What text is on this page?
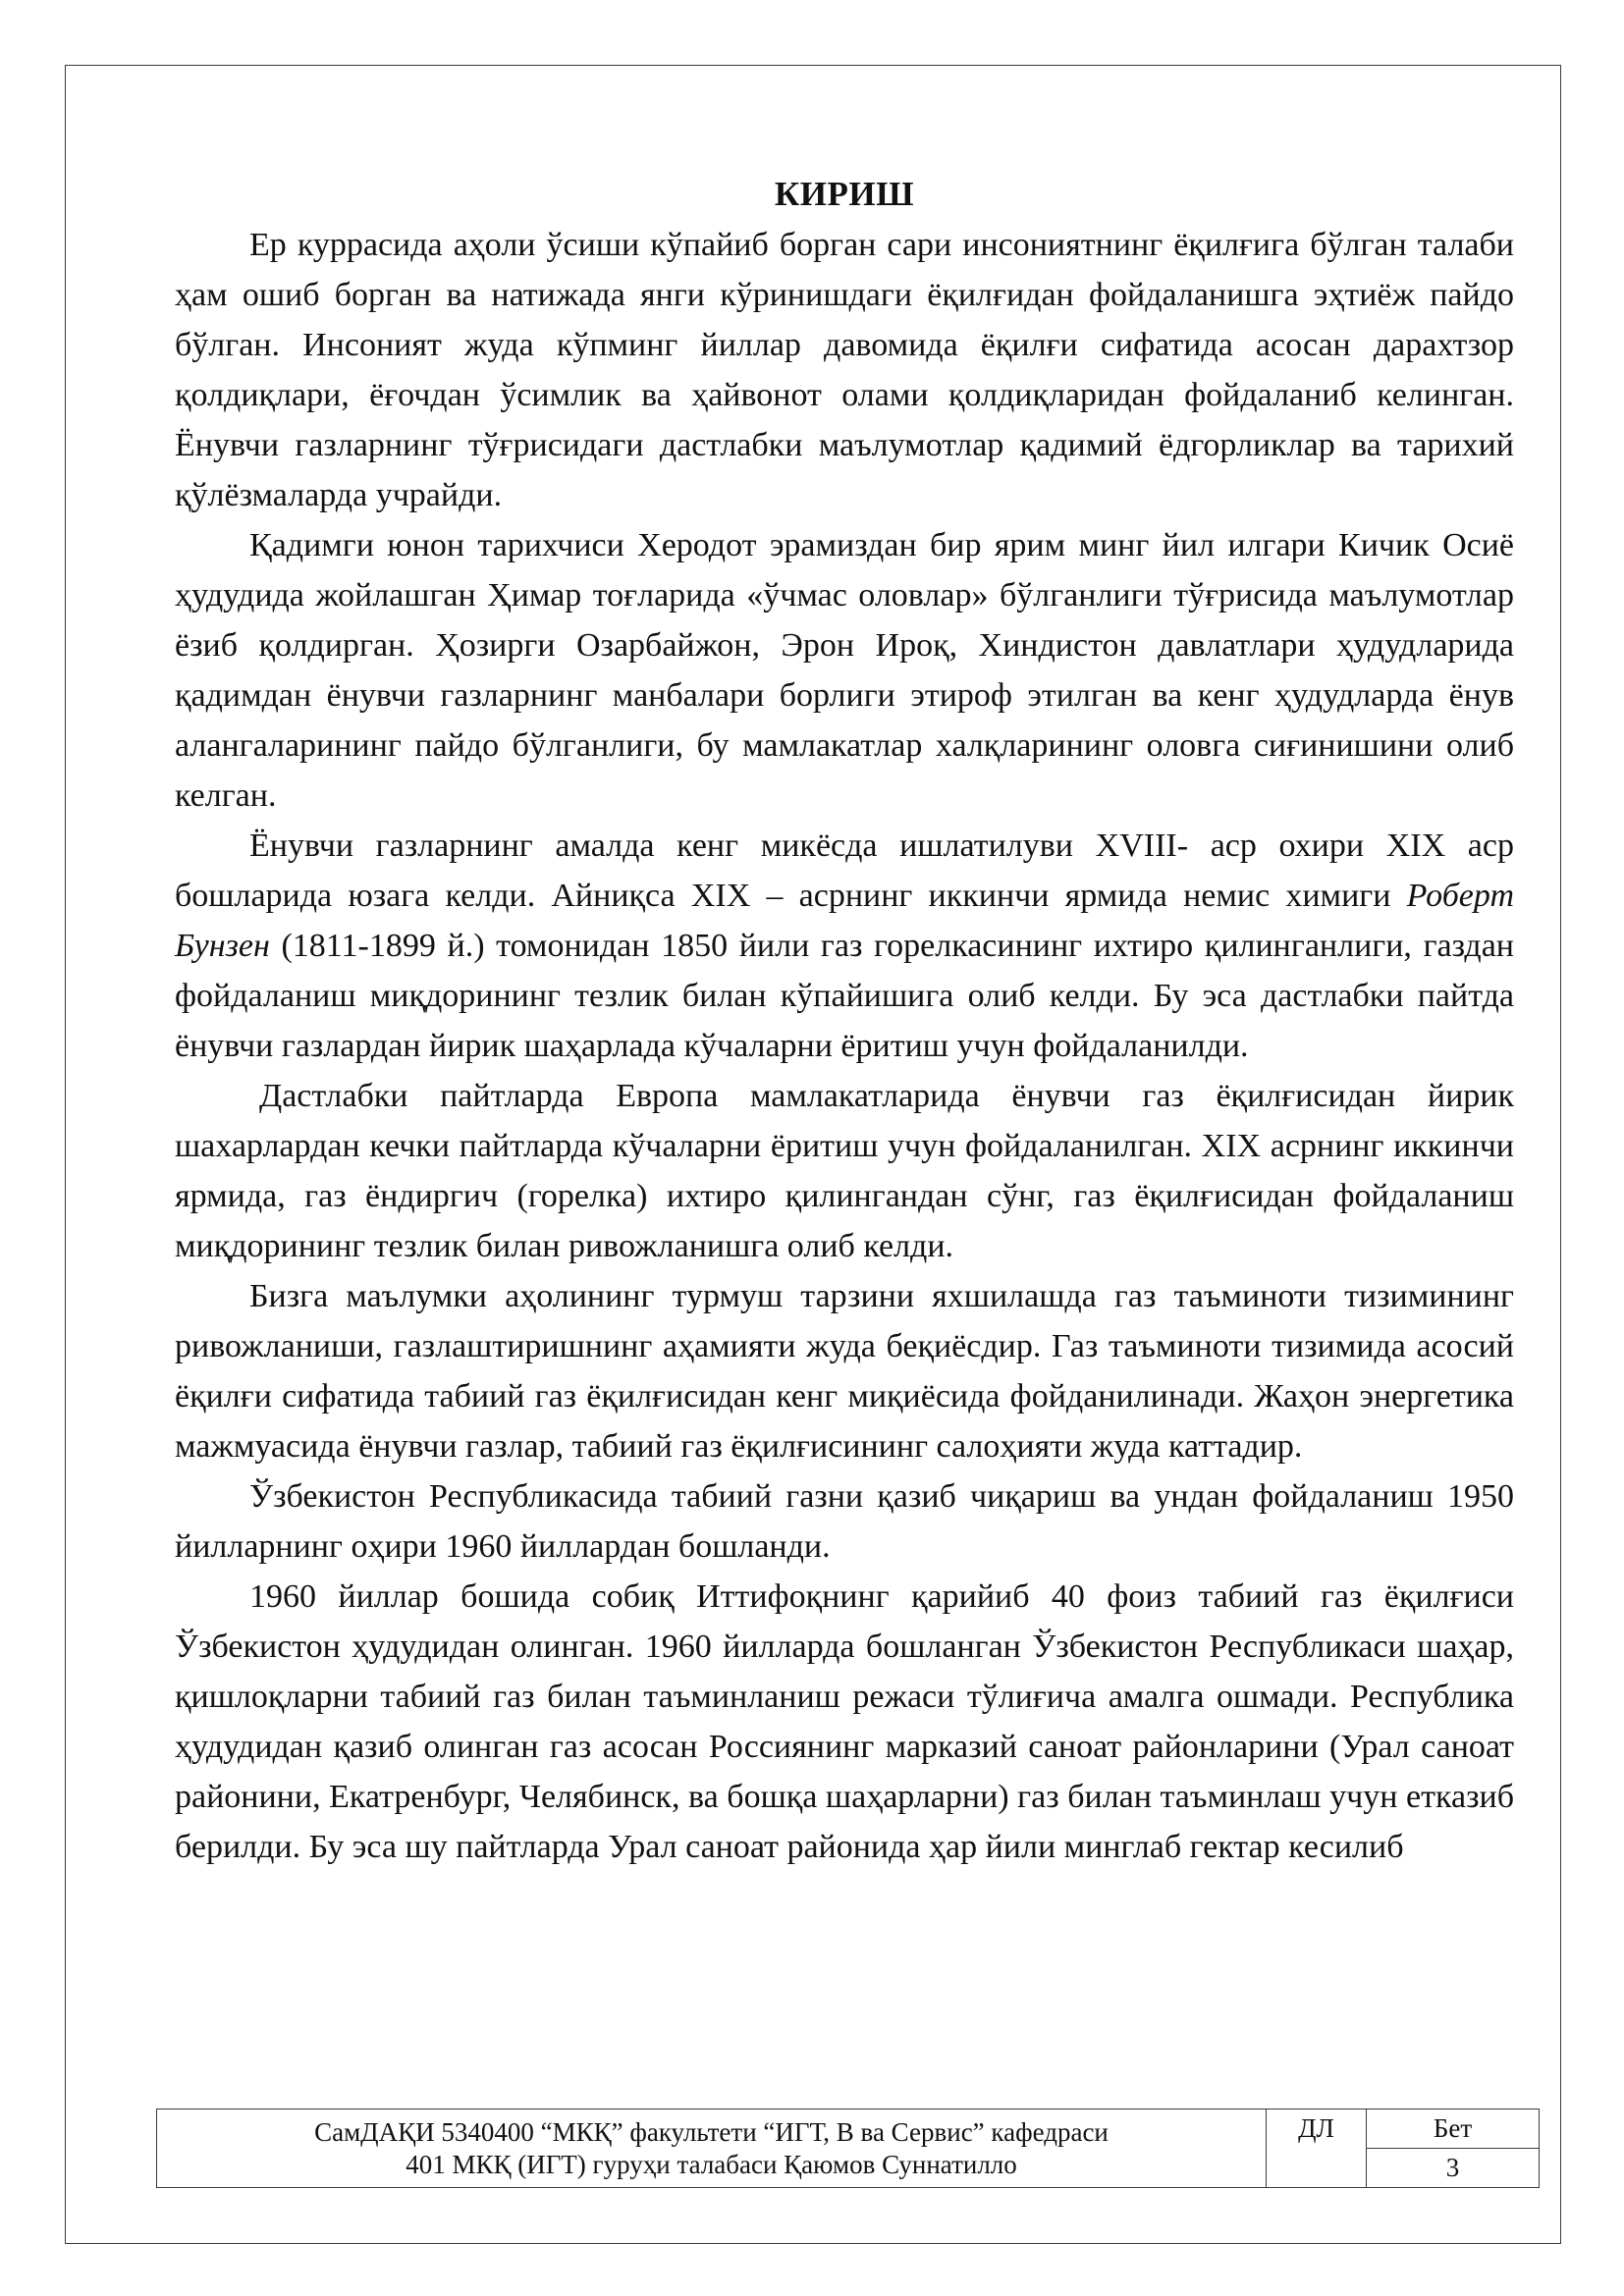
КИРИШ

Ер куррасида аҳоли ўсиши кўпайиб борган сари инсониятнинг ёқилғига бўлган талаби ҳам ошиб борган ва натижада янги кўринишдаги ёқилғидан фойдаланишга эҳтиёж пайдо бўлган. Инсоният жуда кўпминг йиллар давомида ёқилғи сифатида асосан дарахтзор қолдиқлари, ёғочдан ўсимлик ва ҳайвонот олами қолдиқларидан фойдаланиб келинган. Ёнувчи газларнинг тўғрисидаги дастлабки маълумотлар қадимий ёдгорликлар ва тарихий қўлёзмаларда учрайди.

Қадимги юнон тарихчиси Херодот эрамиздан бир ярим минг йил илгари Кичик Осиё ҳудудида жойлашган Ҳимар тоғларида «ўчмас оловлар» бўлганлиги тўғрисида маълумотлар ёзиб қолдирган. Ҳозирги Озарбайжон, Эрон Ироқ, Хиндистон давлатлари ҳудудларида қадимдан ёнувчи газларнинг манбалари борлиги этироф этилган ва кенг ҳудудларда ёнув алангаларининг пайдо бўлганлиги, бу мамлакатлар халқларининг оловга сиғинишини олиб келган.

Ёнувчи газларнинг амалда кенг микёсда ишлатилуви XVIII- аср охири XIX аср бошларида юзага келди. Айниқса XIX – асрнинг иккинчи ярмида немис химиги Роберт Бунзен (1811-1899 й.) томонидан 1850 йили газ горелкасининг ихтиро қилинганлиги, газдан фойдаланиш миқдорининг тезлик билан кўпайишига олиб келди. Бу эса дастлабки пайтда ёнувчи газлардан йирик шаҳарлада кўчаларни ёритиш учун фойдаланилди.

Дастлабки пайтларда Европа мамлакатларида ёнувчи газ ёқилғисидан йирик шахарлардан кечки пайтларда кўчаларни ёритиш учун фойдаланилган. XIX асрнинг иккинчи ярмида, газ ёндиргич (горелка) ихтиро қилингандан сўнг, газ ёқилғисидан фойдаланиш миқдорининг тезлик билан ривожланишга олиб келди.

Бизга маълумки аҳолининг турмуш тарзини яхшилашда газ таъминоти тизимининг ривожланиши, газлаштиришнинг аҳамияти жуда беқиёсдир. Газ таъминоти тизимида асосий ёқилғи сифатида табиий газ ёқилғисидан кенг миқиёсида фойданилинади. Жаҳон энергетика мажмуасида ёнувчи газлар, табиий газ ёқилғисининг салоҳияти жуда каттадир.

Ўзбекистон Республикасида табиий газни қазиб чиқариш ва ундан фойдаланиш 1950 йилларнинг оҳири 1960 йиллардан бошланди.

1960 йиллар бошида собиқ Иттифоқнинг қарийиб 40 фоиз табиий газ ёқилғиси Ўзбекистон ҳудудидан олинган. 1960 йилларда бошланган Ўзбекистон Республикаси шаҳар, қишлоқларни табиий газ билан таъминланиш режаси тўлиғича амалга ошмади. Республика ҳудудидан қазиб олинган газ асосан Россиянинг марказий саноат районларини (Урал саноат районини, Екатренбург, Челябинск, ва бошқа шаҳарларни) газ билан таъминлаш учун етказиб берилди. Бу эса шу пайтларда Урал саноат районида ҳар йили минглаб гектар кесилиб

СамДАҚИ 5340400 “МКҚ” факультети “ИГТ, В ва Сервис” кафедраси
401 МКҚ (ИГТ) гуруҳи талабаси Қаюмов Суннатилло
ДЛ	Бет
3
